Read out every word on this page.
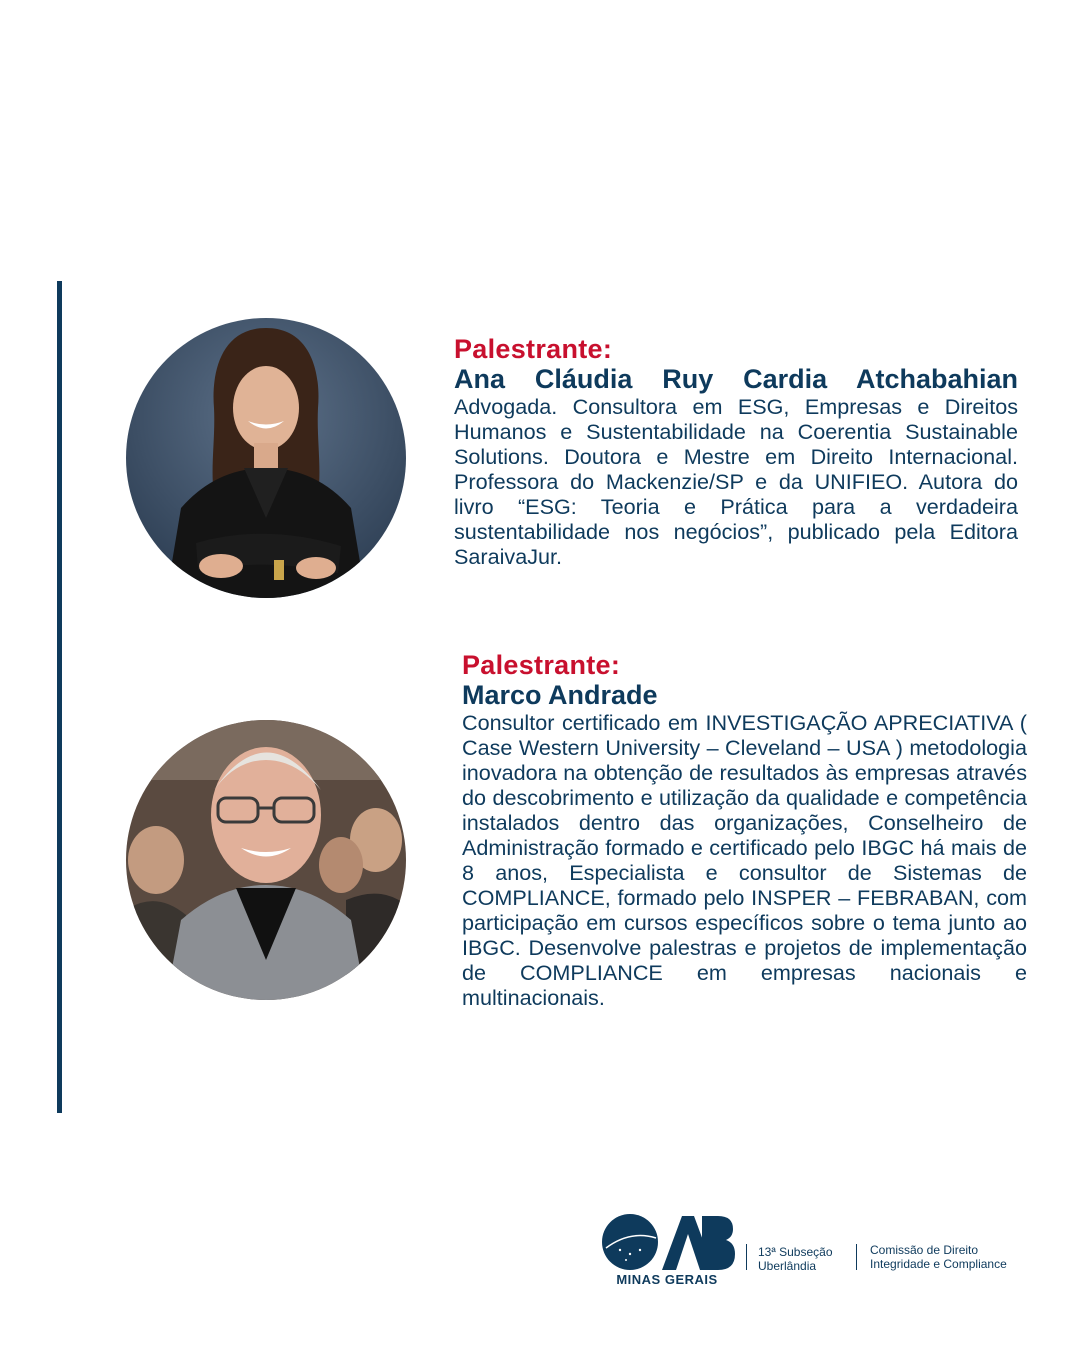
Palestrante:
Ana Cláudia Ruy Cardia Atchabahian
Advogada. Consultora em ESG, Empresas e Direitos Humanos e Sustentabilidade na Coerentia Sustainable Solutions. Doutora e Mestre em Direito Internacional. Professora do Mackenzie/SP e da UNIFIEO. Autora do livro “ESG: Teoria e Prática para a verdadeira sustentabilidade nos negócios”, publicado pela Editora SaraivaJur.
Palestrante:
Marco Andrade
Consultor certificado em INVESTIGAÇÃO APRECIATIVA ( Case Western University – Cleveland – USA ) metodologia inovadora na obtenção de resultados às empresas através do descobrimento e utilização da qualidade e competência instalados dentro das organizações, Conselheiro de Administração formado e certificado pelo IBGC há mais de 8 anos, Especialista e consultor de Sistemas de COMPLIANCE, formado pelo INSPER – FEBRABAN, com participação em cursos específicos sobre o tema junto ao IBGC. Desenvolve palestras e projetos de implementação de COMPLIANCE em empresas nacionais e multinacionais.
MINAS GERAIS
13ª Subseção
Uberlândia
Comissão de Direito
Integridade e Compliance
